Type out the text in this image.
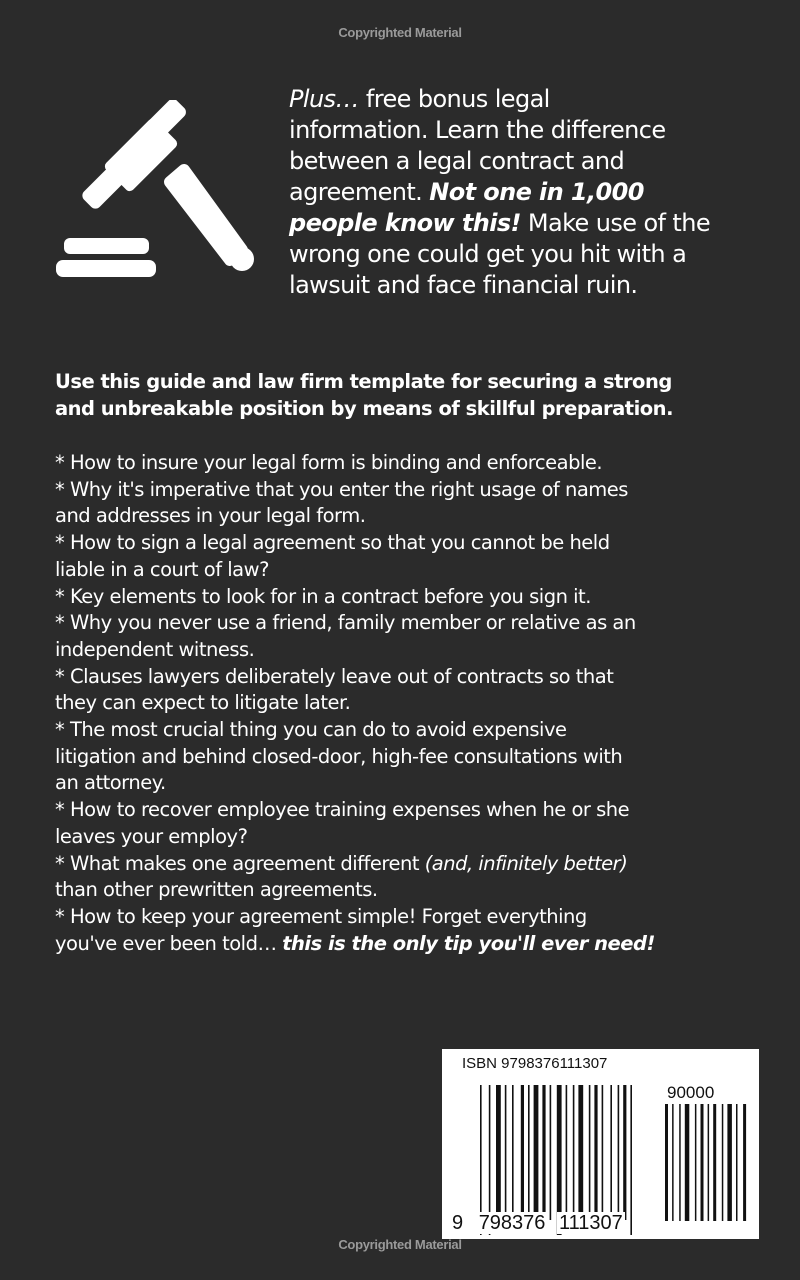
Copyrighted Material
Plus… free bonus legal
information. Learn the difference
between a legal contract and
agreement. Not one in 1,000
people know this! Make use of the
wrong one could get you hit with a
lawsuit and face financial ruin.
Use this guide and law firm template for securing a strong
and unbreakable position by means of skillful preparation.
* How to insure your legal form is binding and enforceable.
* Why it's imperative that you enter the right usage of names
and addresses in your legal form.
* How to sign a legal agreement so that you cannot be held
liable in a court of law?
* Key elements to look for in a contract before you sign it.
* Why you never use a friend, family member or relative as an
independent witness.
* Clauses lawyers deliberately leave out of contracts so that
they can expect to litigate later.
* The most crucial thing you can do to avoid expensive
litigation and behind closed-door, high-fee consultations with
an attorney.
* How to recover employee training expenses when he or she
leaves your employ?
* What makes one agreement different (and, infinitely better)
than other prewritten agreements.
* How to keep your agreement simple! Forget everything
you've ever been told… this is the only tip you'll ever need!
ISBN 9798376111307
90000
9 798376 111307
Copyrighted Material
